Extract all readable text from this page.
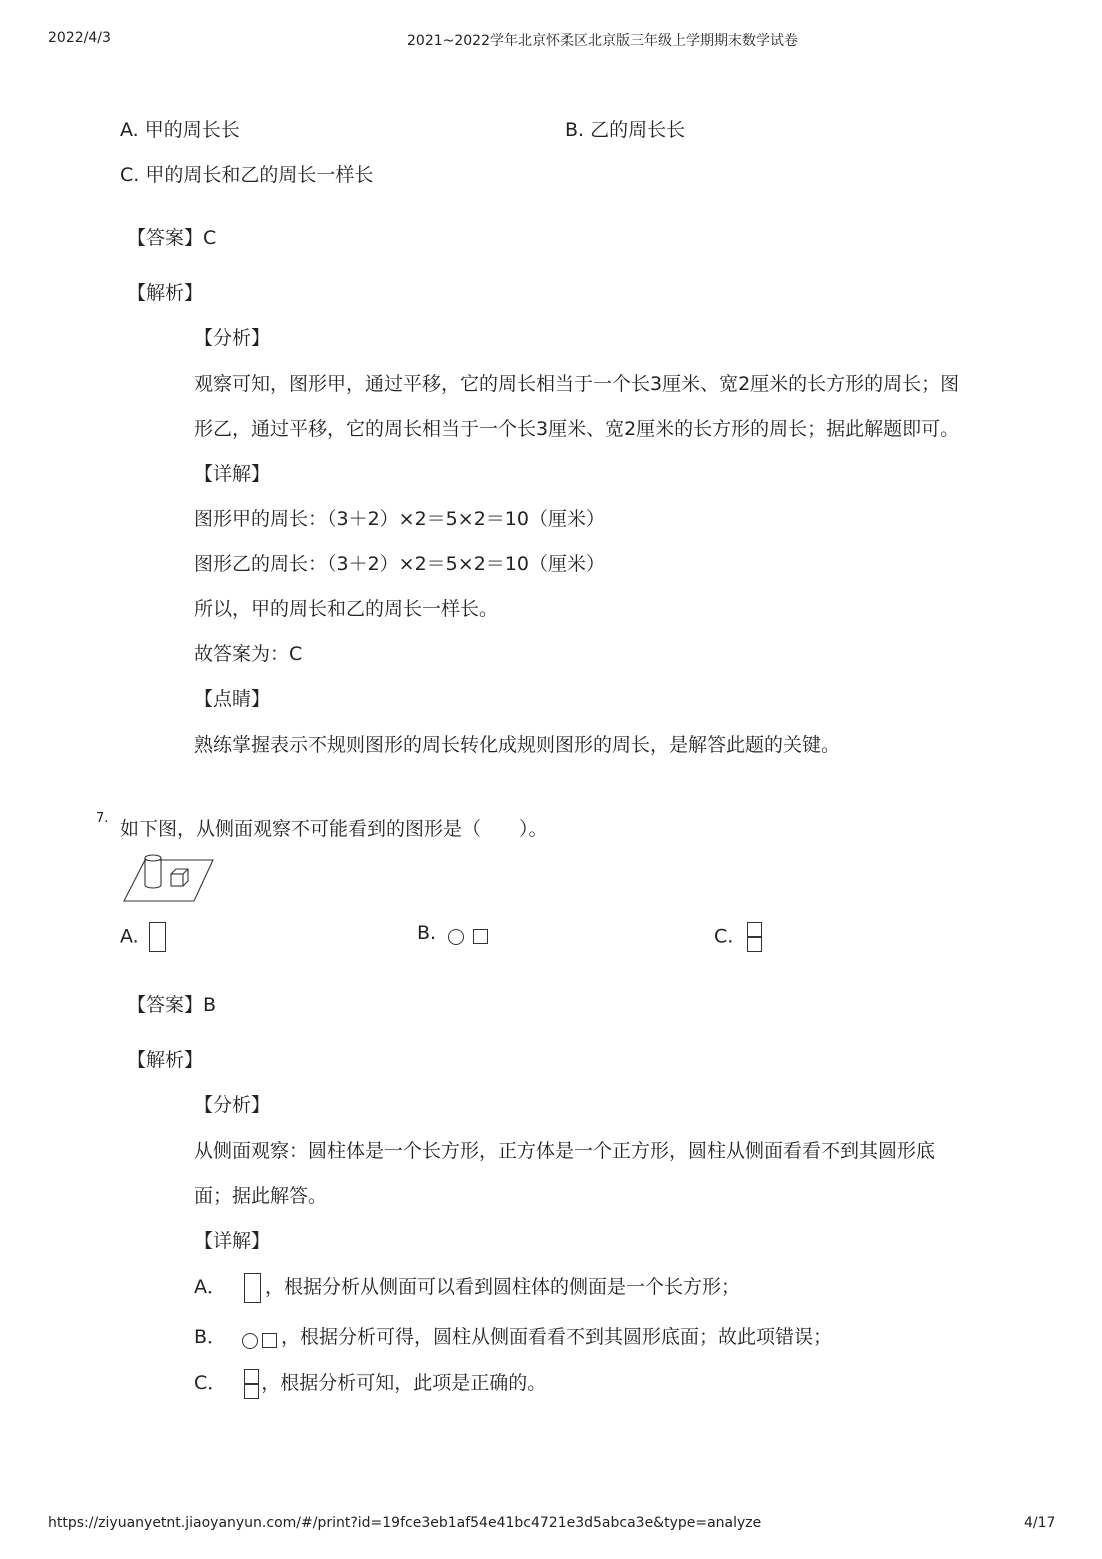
2022/4/3	2021~2022学年北京怀柔区北京版三年级上学期期末数学试卷
A. 甲的周长长	B. 乙的周长长
C. 甲的周长和乙的周长一样长
【答案】C
【解析】
【分析】
观察可知，图形甲，通过平移，它的周长相当于一个长3厘米、宽2厘米的长方形的周长；图
形乙，通过平移，它的周长相当于一个长3厘米、宽2厘米的长方形的周长；据此解题即可。
【详解】
图形甲的周长：（3＋2）×2＝5×2＝10（厘米）
图形乙的周长：（3＋2）×2＝5×2＝10（厘米）
所以，甲的周长和乙的周长一样长。
故答案为：C
【点睛】
熟练掌握表示不规则图形的周长转化成规则图形的周长，是解答此题的关键。
7. 如下图，从侧面观察不可能看到的图形是（　　）。
A.	B.	C.
【答案】B
【解析】
【分析】
从侧面观察：圆柱体是一个长方形，正方体是一个正方形，圆柱从侧面看看不到其圆形底
面；据此解答。
【详解】
A． ，根据分析从侧面可以看到圆柱体的侧面是一个长方形；
B．	，根据分析可得，圆柱从侧面看看不到其圆形底面；故此项错误；
C． ，根据分析可知，此项是正确的。
https://ziyuanyetnt.jiaoyanyun.com/#/print?id=19fce3eb1af54e41bc4721e3d5abca3e&type=analyze	4/17
